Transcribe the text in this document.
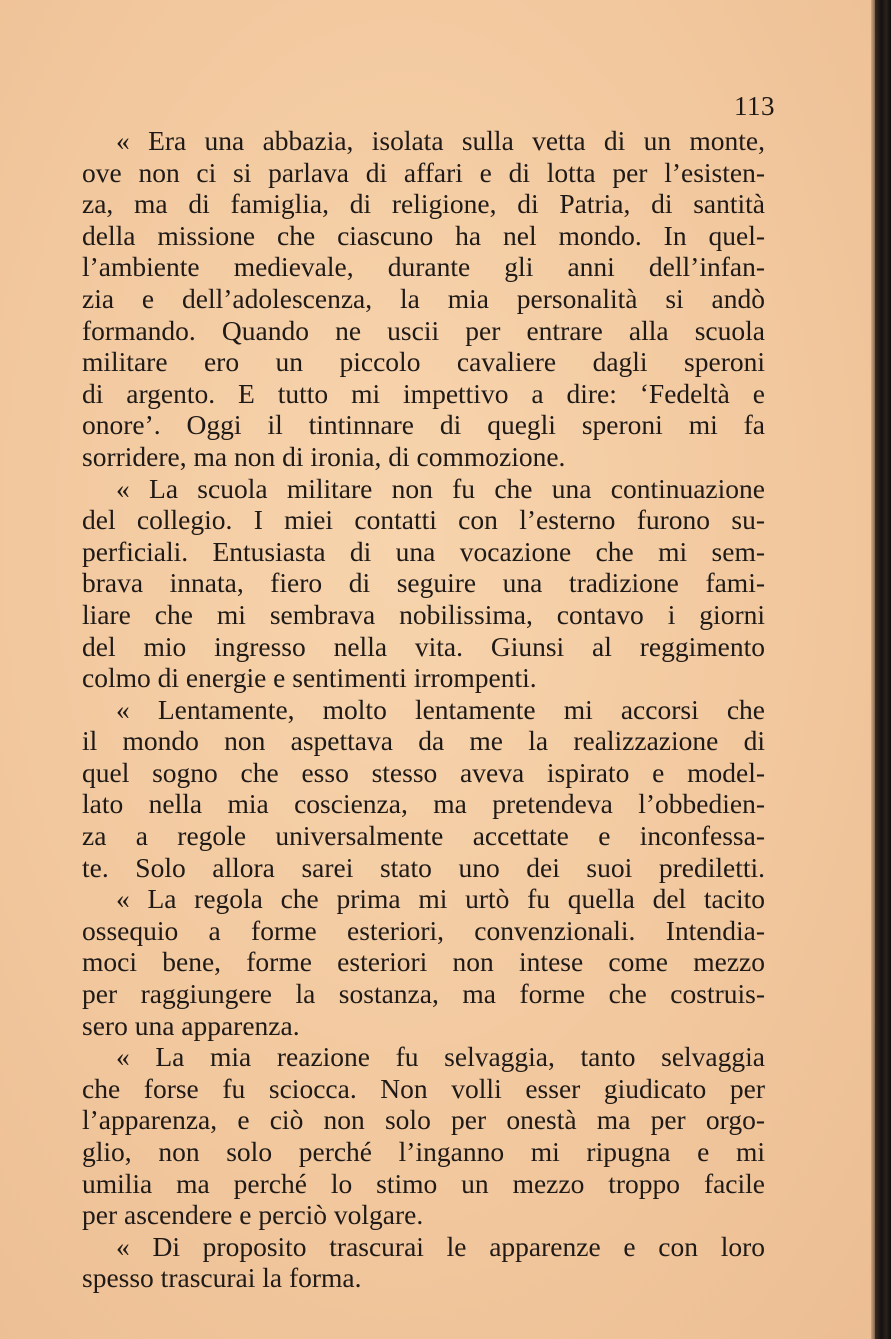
113
« Era una abbazia, isolata sulla vetta di un monte,
ove non ci si parlava di affari e di lotta per l’esisten-
za, ma di famiglia, di religione, di Patria, di santità
della missione che ciascuno ha nel mondo. In quel-
l’ambiente medievale, durante gli anni dell’infan-
zia e dell’adolescenza, la mia personalità si andò
formando. Quando ne uscii per entrare alla scuola
militare ero un piccolo cavaliere dagli speroni
di argento. E tutto mi impettivo a dire: ‘Fedeltà e
onore’. Oggi il tintinnare di quegli speroni mi fa
sorridere, ma non di ironia, di commozione.
« La scuola militare non fu che una continuazione
del collegio. I miei contatti con l’esterno furono su-
perficiali. Entusiasta di una vocazione che mi sem-
brava innata, fiero di seguire una tradizione fami-
liare che mi sembrava nobilissima, contavo i giorni
del mio ingresso nella vita. Giunsi al reggimento
colmo di energie e sentimenti irrompenti.
« Lentamente, molto lentamente mi accorsi che
il mondo non aspettava da me la realizzazione di
quel sogno che esso stesso aveva ispirato e model-
lato nella mia coscienza, ma pretendeva l’obbedien-
za a regole universalmente accettate e inconfessa-
te. Solo allora sarei stato uno dei suoi prediletti.
« La regola che prima mi urtò fu quella del tacito
ossequio a forme esteriori, convenzionali. Intendia-
moci bene, forme esteriori non intese come mezzo
per raggiungere la sostanza, ma forme che costruis-
sero una apparenza.
« La mia reazione fu selvaggia, tanto selvaggia
che forse fu sciocca. Non volli esser giudicato per
l’apparenza, e ciò non solo per onestà ma per orgo-
glio, non solo perché l’inganno mi ripugna e mi
umilia ma perché lo stimo un mezzo troppo facile
per ascendere e perciò volgare.
« Di proposito trascurai le apparenze e con loro
spesso trascurai la forma.
